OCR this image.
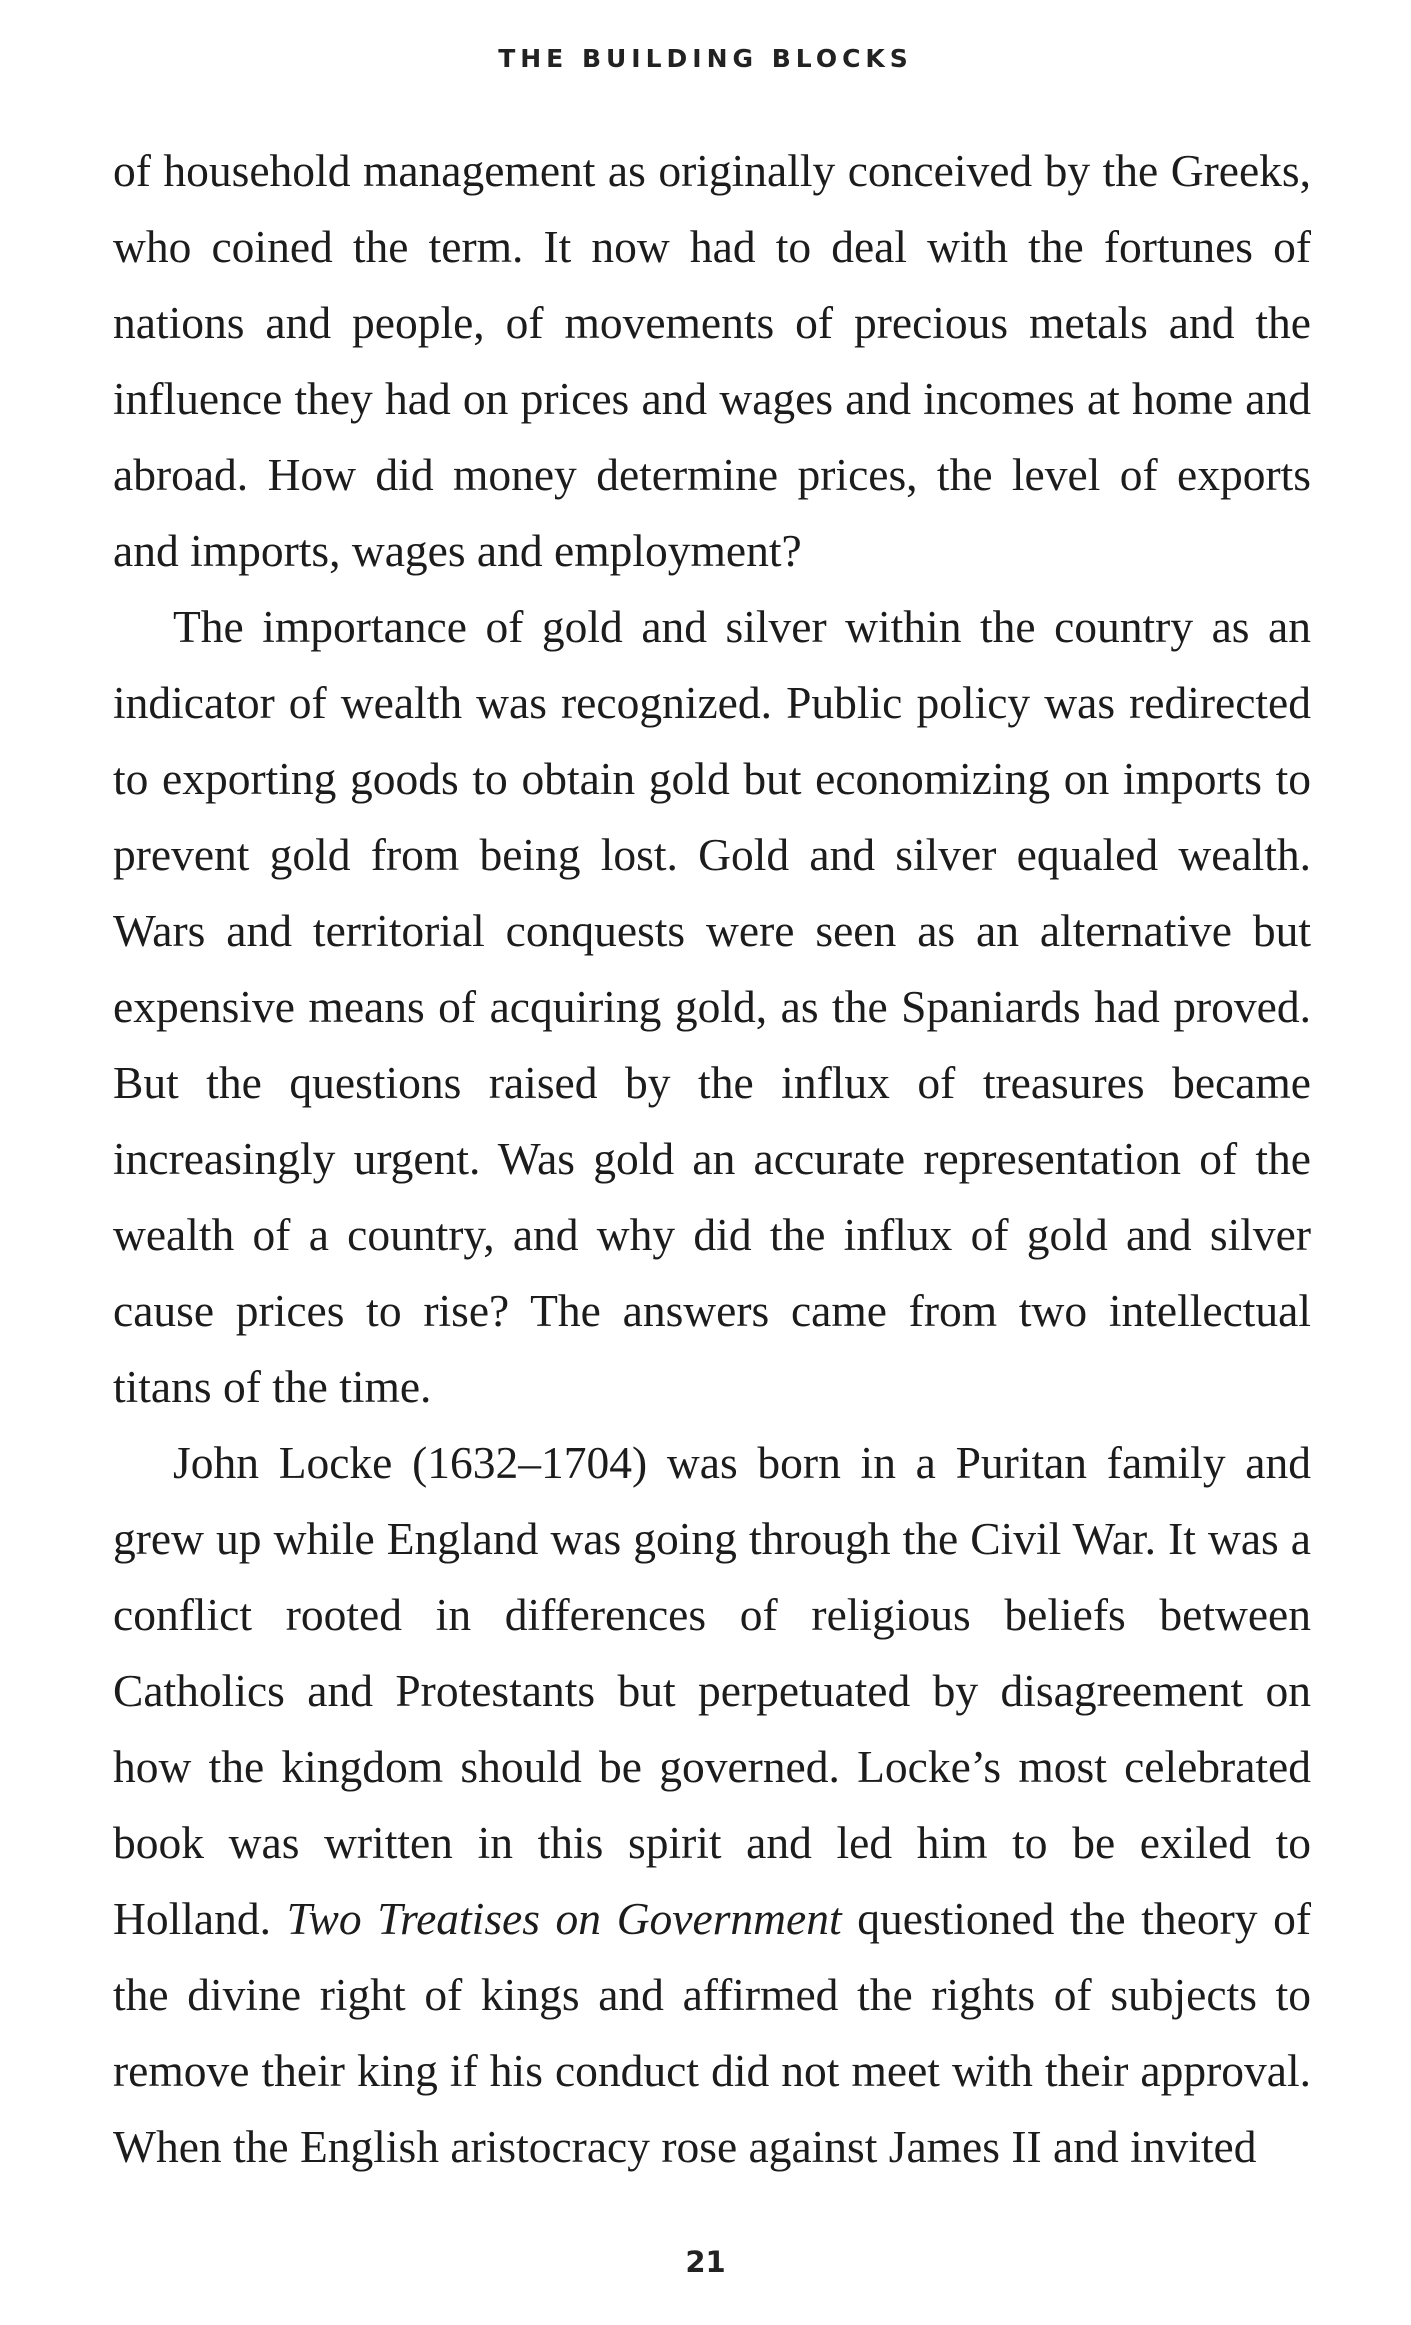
THE BUILDING BLOCKS

of household management as originally conceived by the Greeks, who coined the term. It now had to deal with the fortunes of nations and people, of movements of precious metals and the influence they had on prices and wages and incomes at home and abroad. How did money determine prices, the level of exports and imports, wages and employment?

The importance of gold and silver within the country as an indicator of wealth was recognized. Public policy was redirected to exporting goods to obtain gold but economizing on imports to prevent gold from being lost. Gold and silver equaled wealth. Wars and territorial conquests were seen as an alternative but expensive means of acquiring gold, as the Spaniards had proved. But the questions raised by the influx of treasures became increasingly urgent. Was gold an accurate representation of the wealth of a country, and why did the influx of gold and silver cause prices to rise? The answers came from two intellectual titans of the time.

John Locke (1632–1704) was born in a Puritan family and grew up while England was going through the Civil War. It was a conflict rooted in differences of religious beliefs between Catholics and Protestants but perpetuated by disagreement on how the kingdom should be governed. Locke’s most celebrated book was written in this spirit and led him to be exiled to Holland. Two Treatises on Government questioned the theory of the divine right of kings and affirmed the rights of subjects to remove their king if his conduct did not meet with their approval. When the English aristocracy rose against James II and invited

21
